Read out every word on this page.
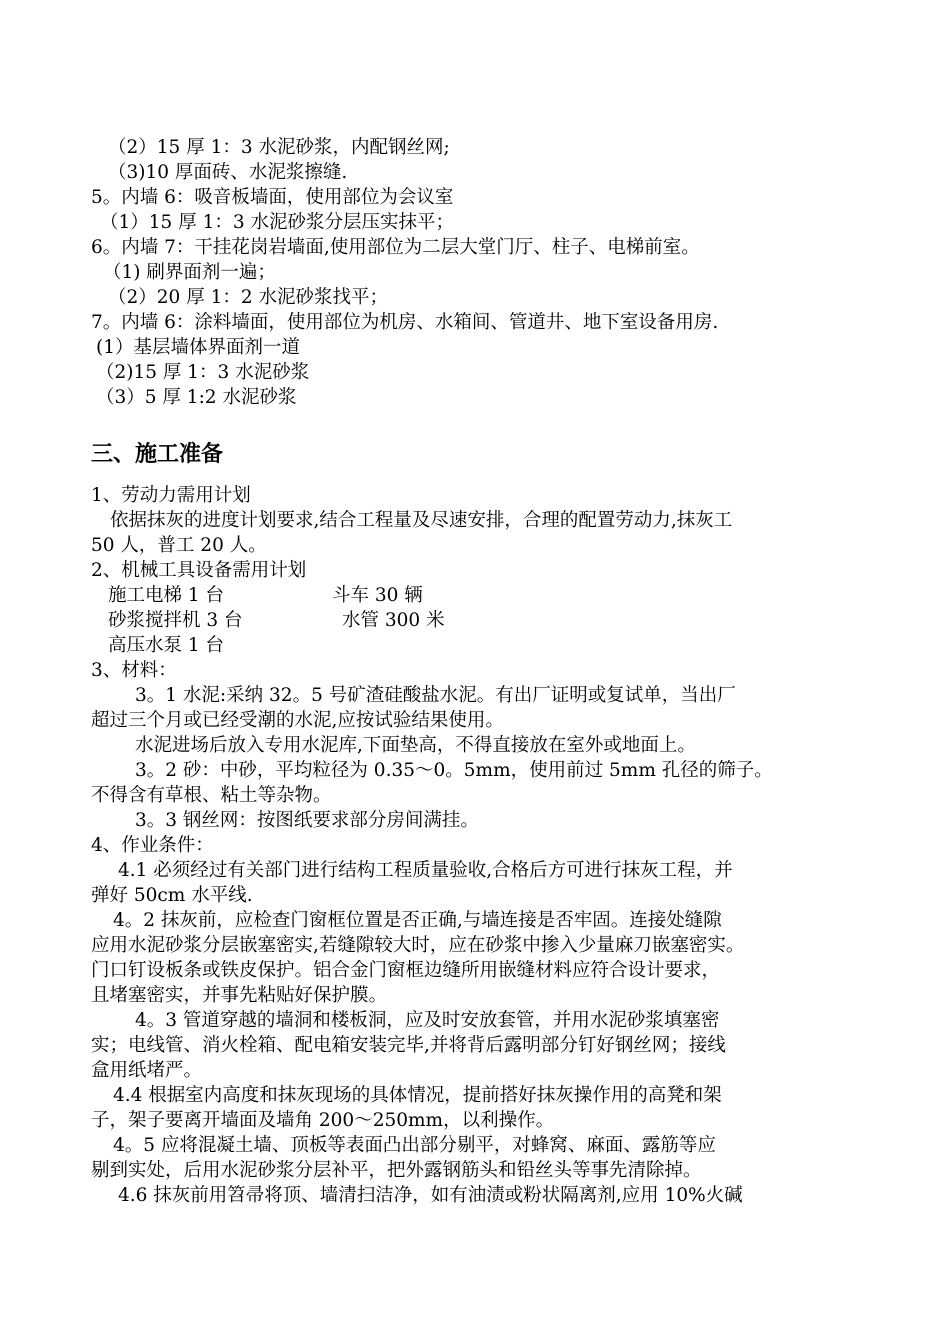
（2）15 厚 1：3 水泥砂浆，内配钢丝网;
（3)10 厚面砖、水泥浆擦缝.
5。内墙 6：吸音板墙面，使用部位为会议室
（1）15 厚 1：3 水泥砂浆分层压实抹平；
6。内墙 7：干挂花岗岩墙面,使用部位为二层大堂门厅、柱子、电梯前室。
（1) 刷界面剂一遍；
（2）20 厚 1：2 水泥砂浆找平；
7。内墙 6：涂料墙面，使用部位为机房、水箱间、管道井、地下室设备用房.
(1）基层墙体界面剂一道
（2)15 厚 1：3 水泥砂浆
（3）5 厚 1:2 水泥砂浆
三、施工准备
1、劳动力需用计划
依据抹灰的进度计划要求,结合工程量及尽速安排，合理的配置劳动力,抹灰工
50 人，普工 20 人。
2、机械工具设备需用计划
施工电梯 1 台	斗车 30 辆
砂浆搅拌机 3 台	水管 300 米
高压水泵 1 台
3、材料：
3。1 水泥:采纳 32。5 号矿渣硅酸盐水泥。有出厂证明或复试单，当出厂
超过三个月或已经受潮的水泥,应按试验结果使用。
水泥进场后放入专用水泥库,下面垫高，不得直接放在室外或地面上。
3。2 砂：中砂，平均粒径为 0.35～0。5mm，使用前过 5mm 孔径的筛子。
不得含有草根、粘土等杂物。
3。3 钢丝网：按图纸要求部分房间满挂。
4、作业条件：
4.1 必须经过有关部门进行结构工程质量验收,合格后方可进行抹灰工程，并
弹好 50cm 水平线.
4。2 抹灰前，应检查门窗框位置是否正确,与墙连接是否牢固。连接处缝隙
应用水泥砂浆分层嵌塞密实,若缝隙较大时，应在砂浆中掺入少量麻刀嵌塞密实。
门口钉设板条或铁皮保护。铝合金门窗框边缝所用嵌缝材料应符合设计要求，
且堵塞密实，并事先粘贴好保护膜。
4。3 管道穿越的墙洞和楼板洞，应及时安放套管，并用水泥砂浆填塞密
实；电线管、消火栓箱、配电箱安装完毕,并将背后露明部分钉好钢丝网；接线
盒用纸堵严。
4.4 根据室内高度和抹灰现场的具体情况，提前搭好抹灰操作用的高凳和架
子，架子要离开墙面及墙角 200～250mm，以利操作。
4。5 应将混凝土墙、顶板等表面凸出部分剔平，对蜂窝、麻面、露筋等应
剔到实处，后用水泥砂浆分层补平，把外露钢筋头和铅丝头等事先清除掉。
4.6 抹灰前用笤帚将顶、墙清扫洁净，如有油渍或粉状隔离剂,应用 10%火碱
